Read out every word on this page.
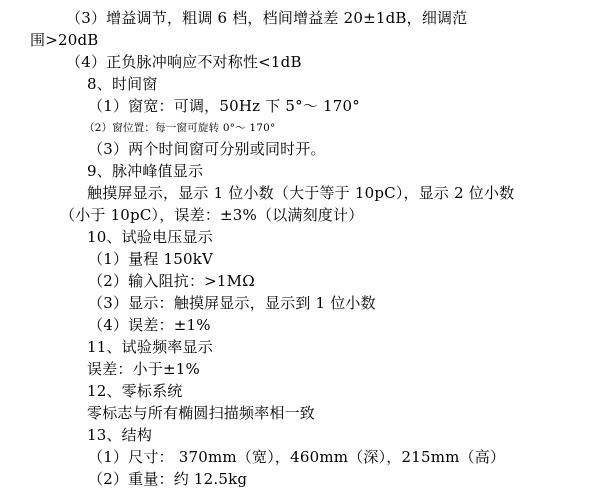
（3）增益调节，粗调 6 档，档间增益差 20±1dB，细调范
围>20dB
（4）正负脉冲响应不对称性<1dB
8、时间窗
（1）窗宽：可调，50Hz 下 5°～ 170°
（2）窗位置：每一窗可旋转 0°～ 170°
（3）两个时间窗可分别或同时开。
9、脉冲峰值显示
触摸屏显示，显示 1 位小数（大于等于 10pC），显示 2 位小数
（小于 10pC），误差：±3%（以满刻度计）
10、试验电压显示
（1）量程 150kV
（2）输入阻抗：>1MΩ
（3）显示：触摸屏显示，显示到 1 位小数
（4）误差：±1%
11、试验频率显示
误差：小于±1%
12、零标系统
零标志与所有椭圆扫描频率相一致
13、结构
（1）尺寸： 370mm（宽），460mm（深），215mm（高）
（2）重量：约 12.5kg
